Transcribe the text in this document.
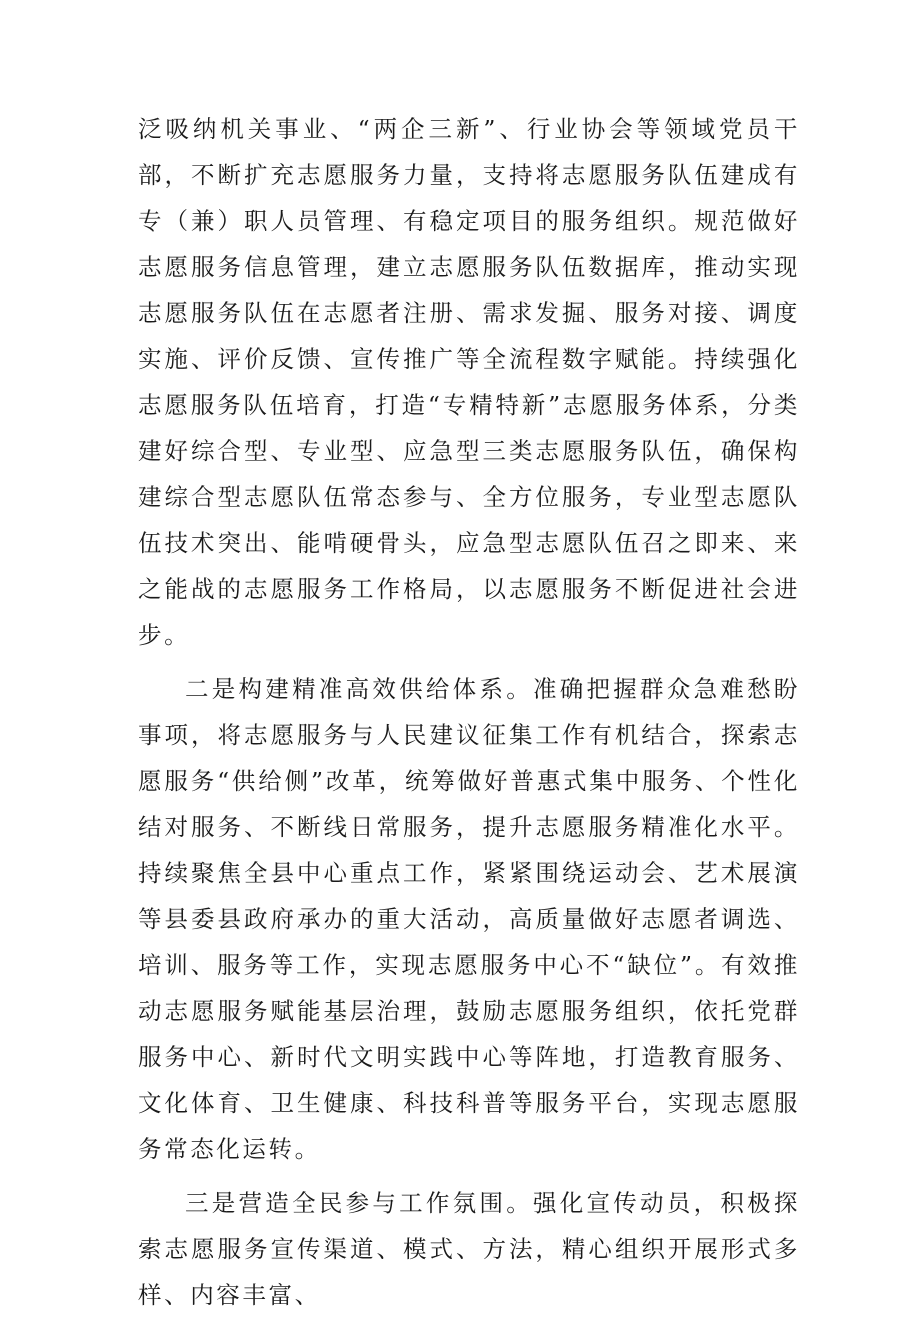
泛吸纳机关事业、“两企三新”、行业协会等领域党员干部，不断扩充志愿服务力量，支持将志愿服务队伍建成有专（兼）职人员管理、有稳定项目的服务组织。规范做好志愿服务信息管理，建立志愿服务队伍数据库，推动实现志愿服务队伍在志愿者注册、需求发掘、服务对接、调度实施、评价反馈、宣传推广等全流程数字赋能。持续强化志愿服务队伍培育，打造“专精特新”志愿服务体系，分类建好综合型、专业型、应急型三类志愿服务队伍，确保构建综合型志愿队伍常态参与、全方位服务，专业型志愿队伍技术突出、能啃硬骨头，应急型志愿队伍召之即来、来之能战的志愿服务工作格局，以志愿服务不断促进社会进步。

二是构建精准高效供给体系。准确把握群众急难愁盼事项，将志愿服务与人民建议征集工作有机结合，探索志愿服务“供给侧”改革，统筹做好普惠式集中服务、个性化结对服务、不断线日常服务，提升志愿服务精准化水平。持续聚焦全县中心重点工作，紧紧围绕运动会、艺术展演等县委县政府承办的重大活动，高质量做好志愿者调选、培训、服务等工作，实现志愿服务中心不“缺位”。有效推动志愿服务赋能基层治理，鼓励志愿服务组织，依托党群服务中心、新时代文明实践中心等阵地，打造教育服务、文化体育、卫生健康、科技科普等服务平台，实现志愿服务常态化运转。

三是营造全民参与工作氛围。强化宣传动员，积极探索志愿服务宣传渠道、模式、方法，精心组织开展形式多样、内容丰富、
